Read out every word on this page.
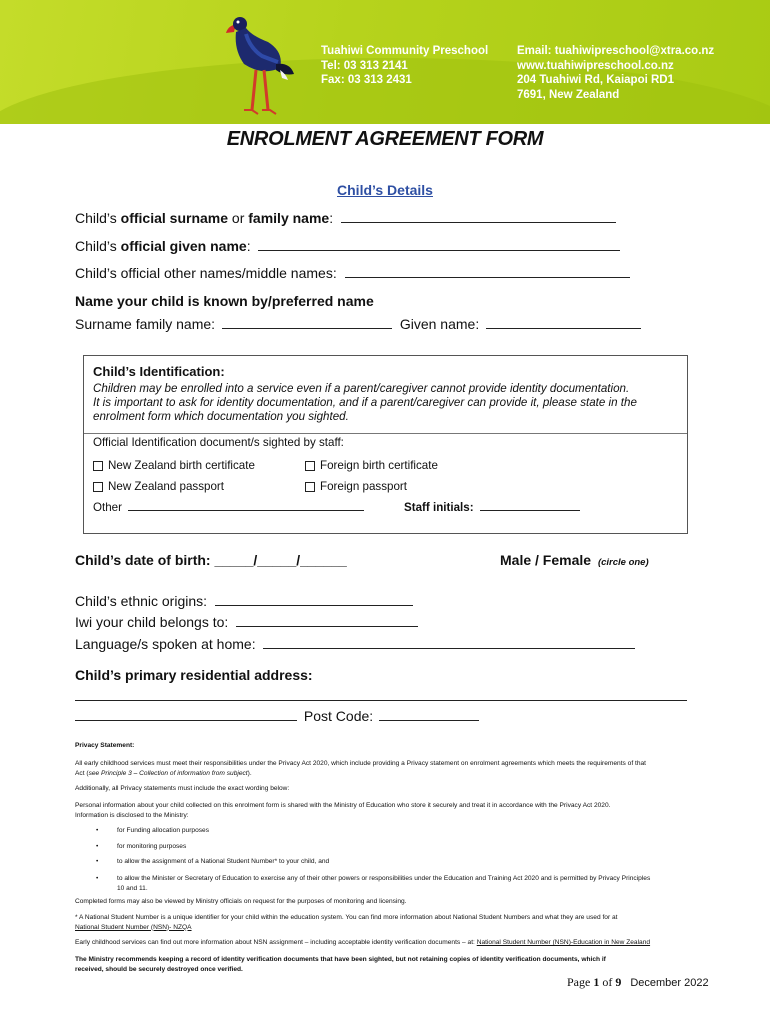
Tuahiwi Community Preschool
Tel: 03 313 2141
Fax: 03 313 2431
Email: tuahiwipreschool@xtra.co.nz
www.tuahiwipreschool.co.nz
204 Tuahiwi Rd, Kaiapoi RD1
7691, New Zealand
ENROLMENT AGREEMENT FORM
Child’s Details
Child’s official surname or family name:
Child’s official given name:
Child’s official other names/middle names:
Name your child is known by/preferred name
Surname family name:	Given name:
Child’s Identification:
Children may be enrolled into a service even if a parent/caregiver cannot provide identity documentation.
It is important to ask for identity documentation, and if a parent/caregiver can provide it, please state in the
enrolment form which documentation you sighted.
Official Identification document/s sighted by staff:
New Zealand birth certificate	Foreign birth certificate
New Zealand passport	Foreign passport
Other	Staff initials:
Child’s date of birth: _____/_____/______	Male / Female (circle one)
Child’s ethnic origins:
Iwi your child belongs to:
Language/s spoken at home:
Child’s primary residential address:
Post Code:
Privacy Statement:
All early childhood services must meet their responsibilities under the Privacy Act 2020, which include providing a Privacy statement on enrolment agreements which meets the requirements of that
Act (see Principle 3 – Collection of information from subject).
Additionally, all Privacy statements must include the exact wording below:
Personal information about your child collected on this enrolment form is shared with the Ministry of Education who store it securely and treat it in accordance with the Privacy Act 2020.
Information is disclosed to the Ministry:
•	for Funding allocation purposes
•	for monitoring purposes
•	to allow the assignment of a National Student Number* to your child, and
•	to allow the Minister or Secretary of Education to exercise any of their other powers or responsibilities under the Education and Training Act 2020 and is permitted by Privacy Principles
10 and 11.
Completed forms may also be viewed by Ministry officials on request for the purposes of monitoring and licensing.
* A National Student Number is a unique identifier for your child within the education system. You can find more information about National Student Numbers and what they are used for at
National Student Number (NSN)- NZQA
Early childhood services can find out more information about NSN assignment – including acceptable identity verification documents – at: National Student Number (NSN)-Education in New Zealand
The Ministry recommends keeping a record of identity verification documents that have been sighted, but not retaining copies of identity verification documents, which if
received, should be securely destroyed once verified.
Page 1 of 9 December 2022
